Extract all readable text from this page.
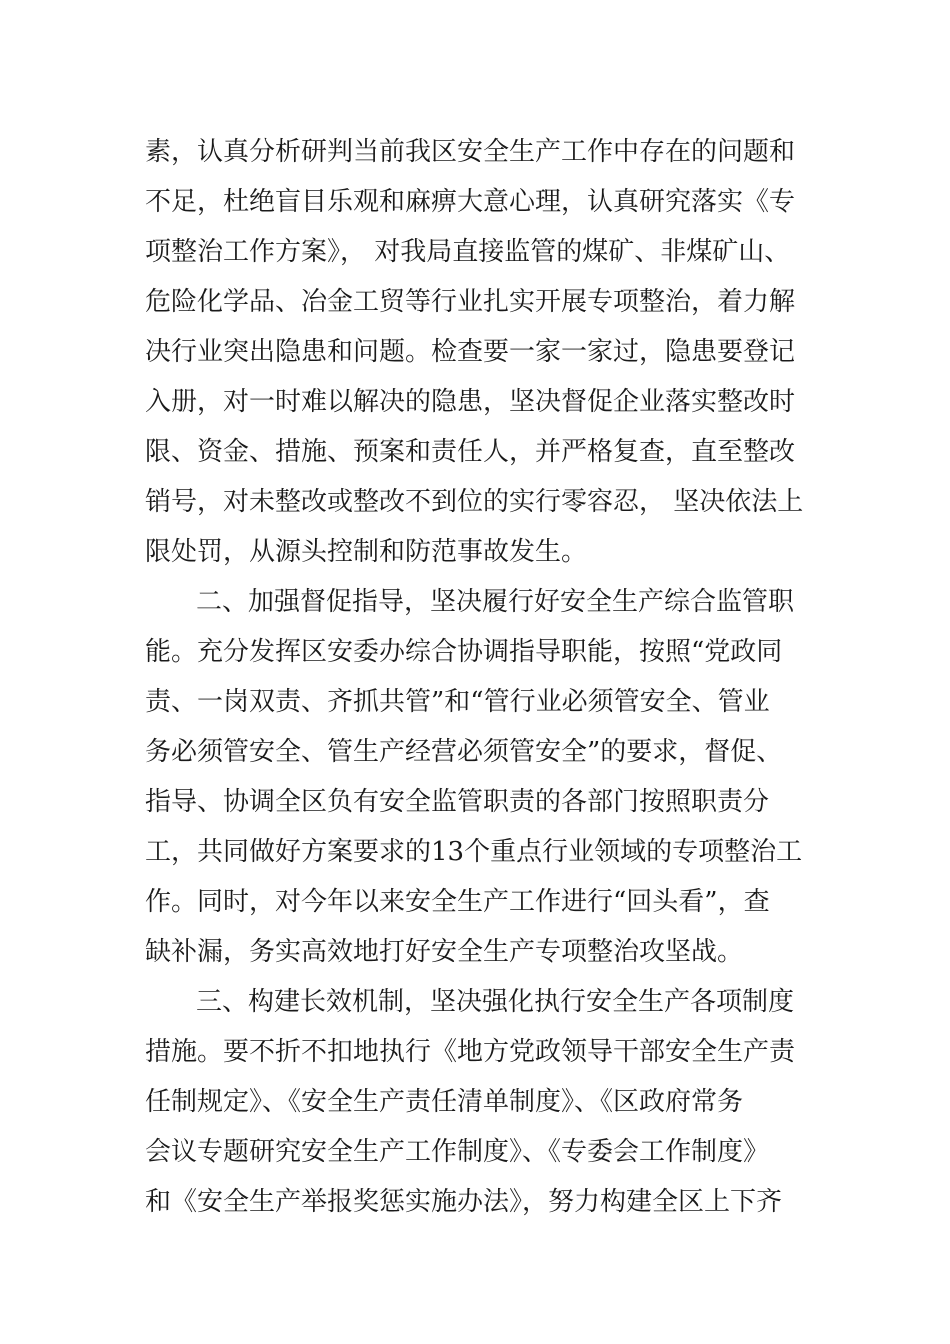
素，认真分析研判当前我区安全生产工作中存在的问题和
不足，杜绝盲目乐观和麻痹大意心理，认真研究落实《专
项整治工作方案》， 对我局直接监管的煤矿、非煤矿山、
危险化学品、冶金工贸等行业扎实开展专项整治，着力解
决行业突出隐患和问题。检查要一家一家过，隐患要登记
入册，对一时难以解决的隐患，坚决督促企业落实整改时
限、资金、措施、预案和责任人，并严格复查，直至整改
销号，对未整改或整改不到位的实行零容忍， 坚决依法上
限处罚，从源头控制和防范事故发生。
二、加强督促指导，坚决履行好安全生产综合监管职
能。充分发挥区安委办综合协调指导职能，按照“党政同
责、一岗双责、齐抓共管”和“管行业必须管安全、管业
务必须管安全、管生产经营必须管安全”的要求，督促、
指导、协调全区负有安全监管职责的各部门按照职责分
工，共同做好方案要求的13个重点行业领域的专项整治工
作。同时，对今年以来安全生产工作进行“回头看”，查
缺补漏，务实高效地打好安全生产专项整治攻坚战。
三、构建长效机制，坚决强化执行安全生产各项制度
措施。要不折不扣地执行《地方党政领导干部安全生产责
任制规定》、《安全生产责任清单制度》、《区政府常务
会议专题研究安全生产工作制度》、《专委会工作制度》
和《安全生产举报奖惩实施办法》，努力构建全区上下齐
